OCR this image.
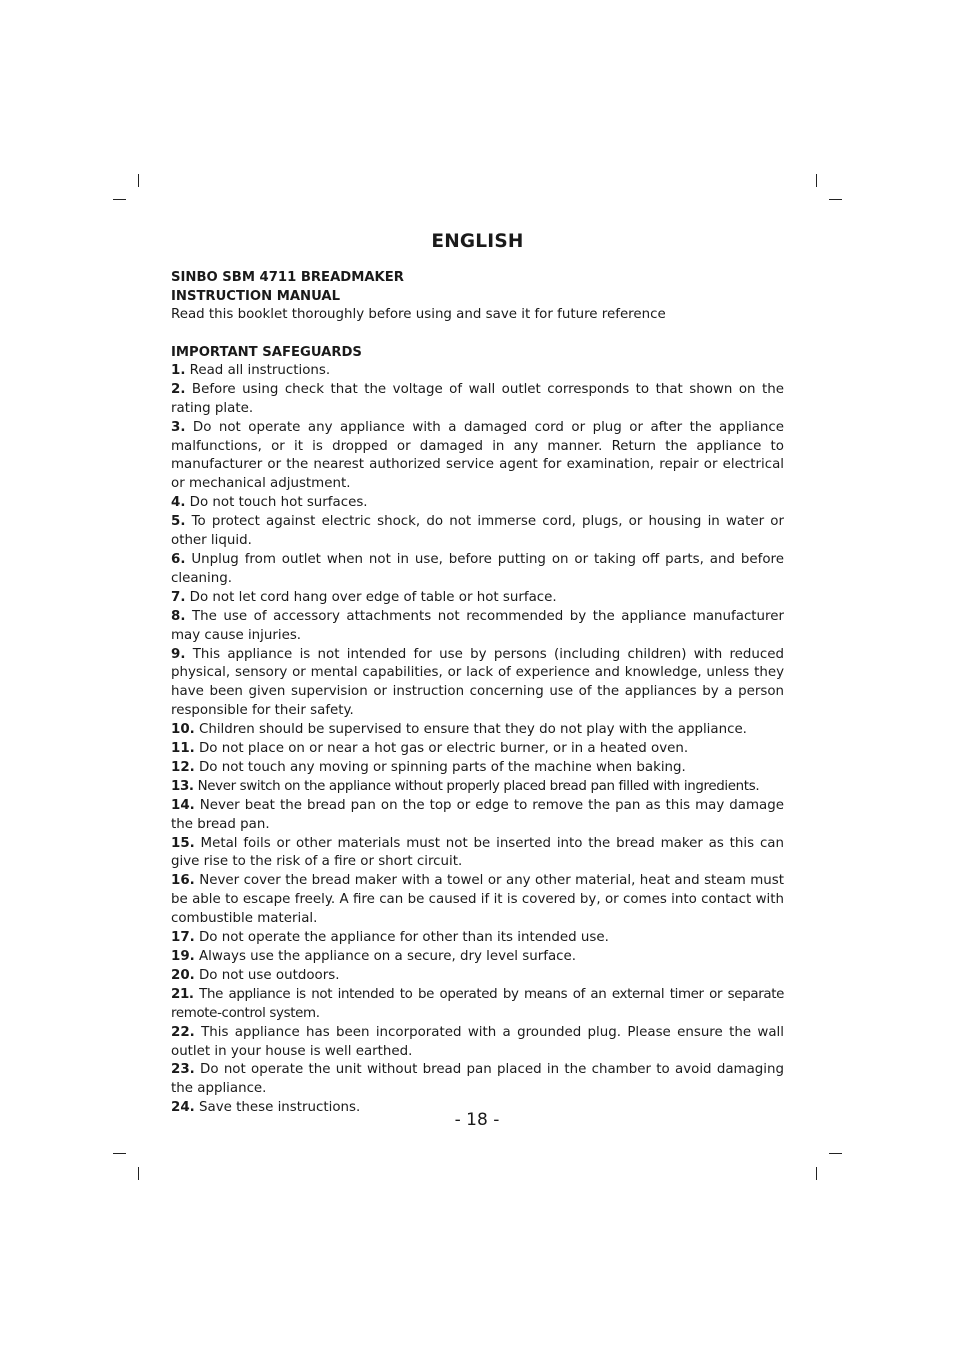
ENGLISH

SINBO SBM 4711 BREADMAKER

INSTRUCTION MANUAL

Read this booklet thoroughly before using and save it for future reference

IMPORTANT SAFEGUARDS

1. Read all instructions.
2. Before using check that the voltage of wall outlet corresponds to that shown on the rating plate.
3. Do not operate any appliance with a damaged cord or plug or after the appliance malfunctions, or it is dropped or damaged in any manner. Return the appliance to manufacturer or the nearest authorized service agent for examination, repair or electrical or mechanical adjustment.
4. Do not touch hot surfaces.
5. To protect against electric shock, do not immerse cord, plugs, or housing in water or other liquid.
6. Unplug from outlet when not in use, before putting on or taking off parts, and before cleaning.
7. Do not let cord hang over edge of table or hot surface.
8. The use of accessory attachments not recommended by the appliance manufacturer may cause injuries.
9. This appliance is not intended for use by persons (including children) with reduced physical, sensory or mental capabilities, or lack of experience and knowledge, unless they have been given supervision or instruction concerning use of the appliances by a person responsible for their safety.
10. Children should be supervised to ensure that they do not play with the appliance.
11. Do not place on or near a hot gas or electric burner, or in a heated oven.
12. Do not touch any moving or spinning parts of the machine when baking.
13. Never switch on the appliance without properly placed bread pan filled with ingredients.
14. Never beat the bread pan on the top or edge to remove the pan as this may damage the bread pan.
15. Metal foils or other materials must not be inserted into the bread maker as this can give rise to the risk of a fire or short circuit.
16. Never cover the bread maker with a towel or any other material, heat and steam must be able to escape freely. A fire can be caused if it is covered by, or comes into contact with combustible material.
17. Do not operate the appliance for other than its intended use.
19. Always use the appliance on a secure, dry level surface.
20. Do not use outdoors.
21. The appliance is not intended to be operated by means of an external timer or separate remote-control system.
22. This appliance has been incorporated with a grounded plug. Please ensure the wall outlet in your house is well earthed.
23. Do not operate the unit without bread pan placed in the chamber to avoid damaging the appliance.
24. Save these instructions.
- 18 -
